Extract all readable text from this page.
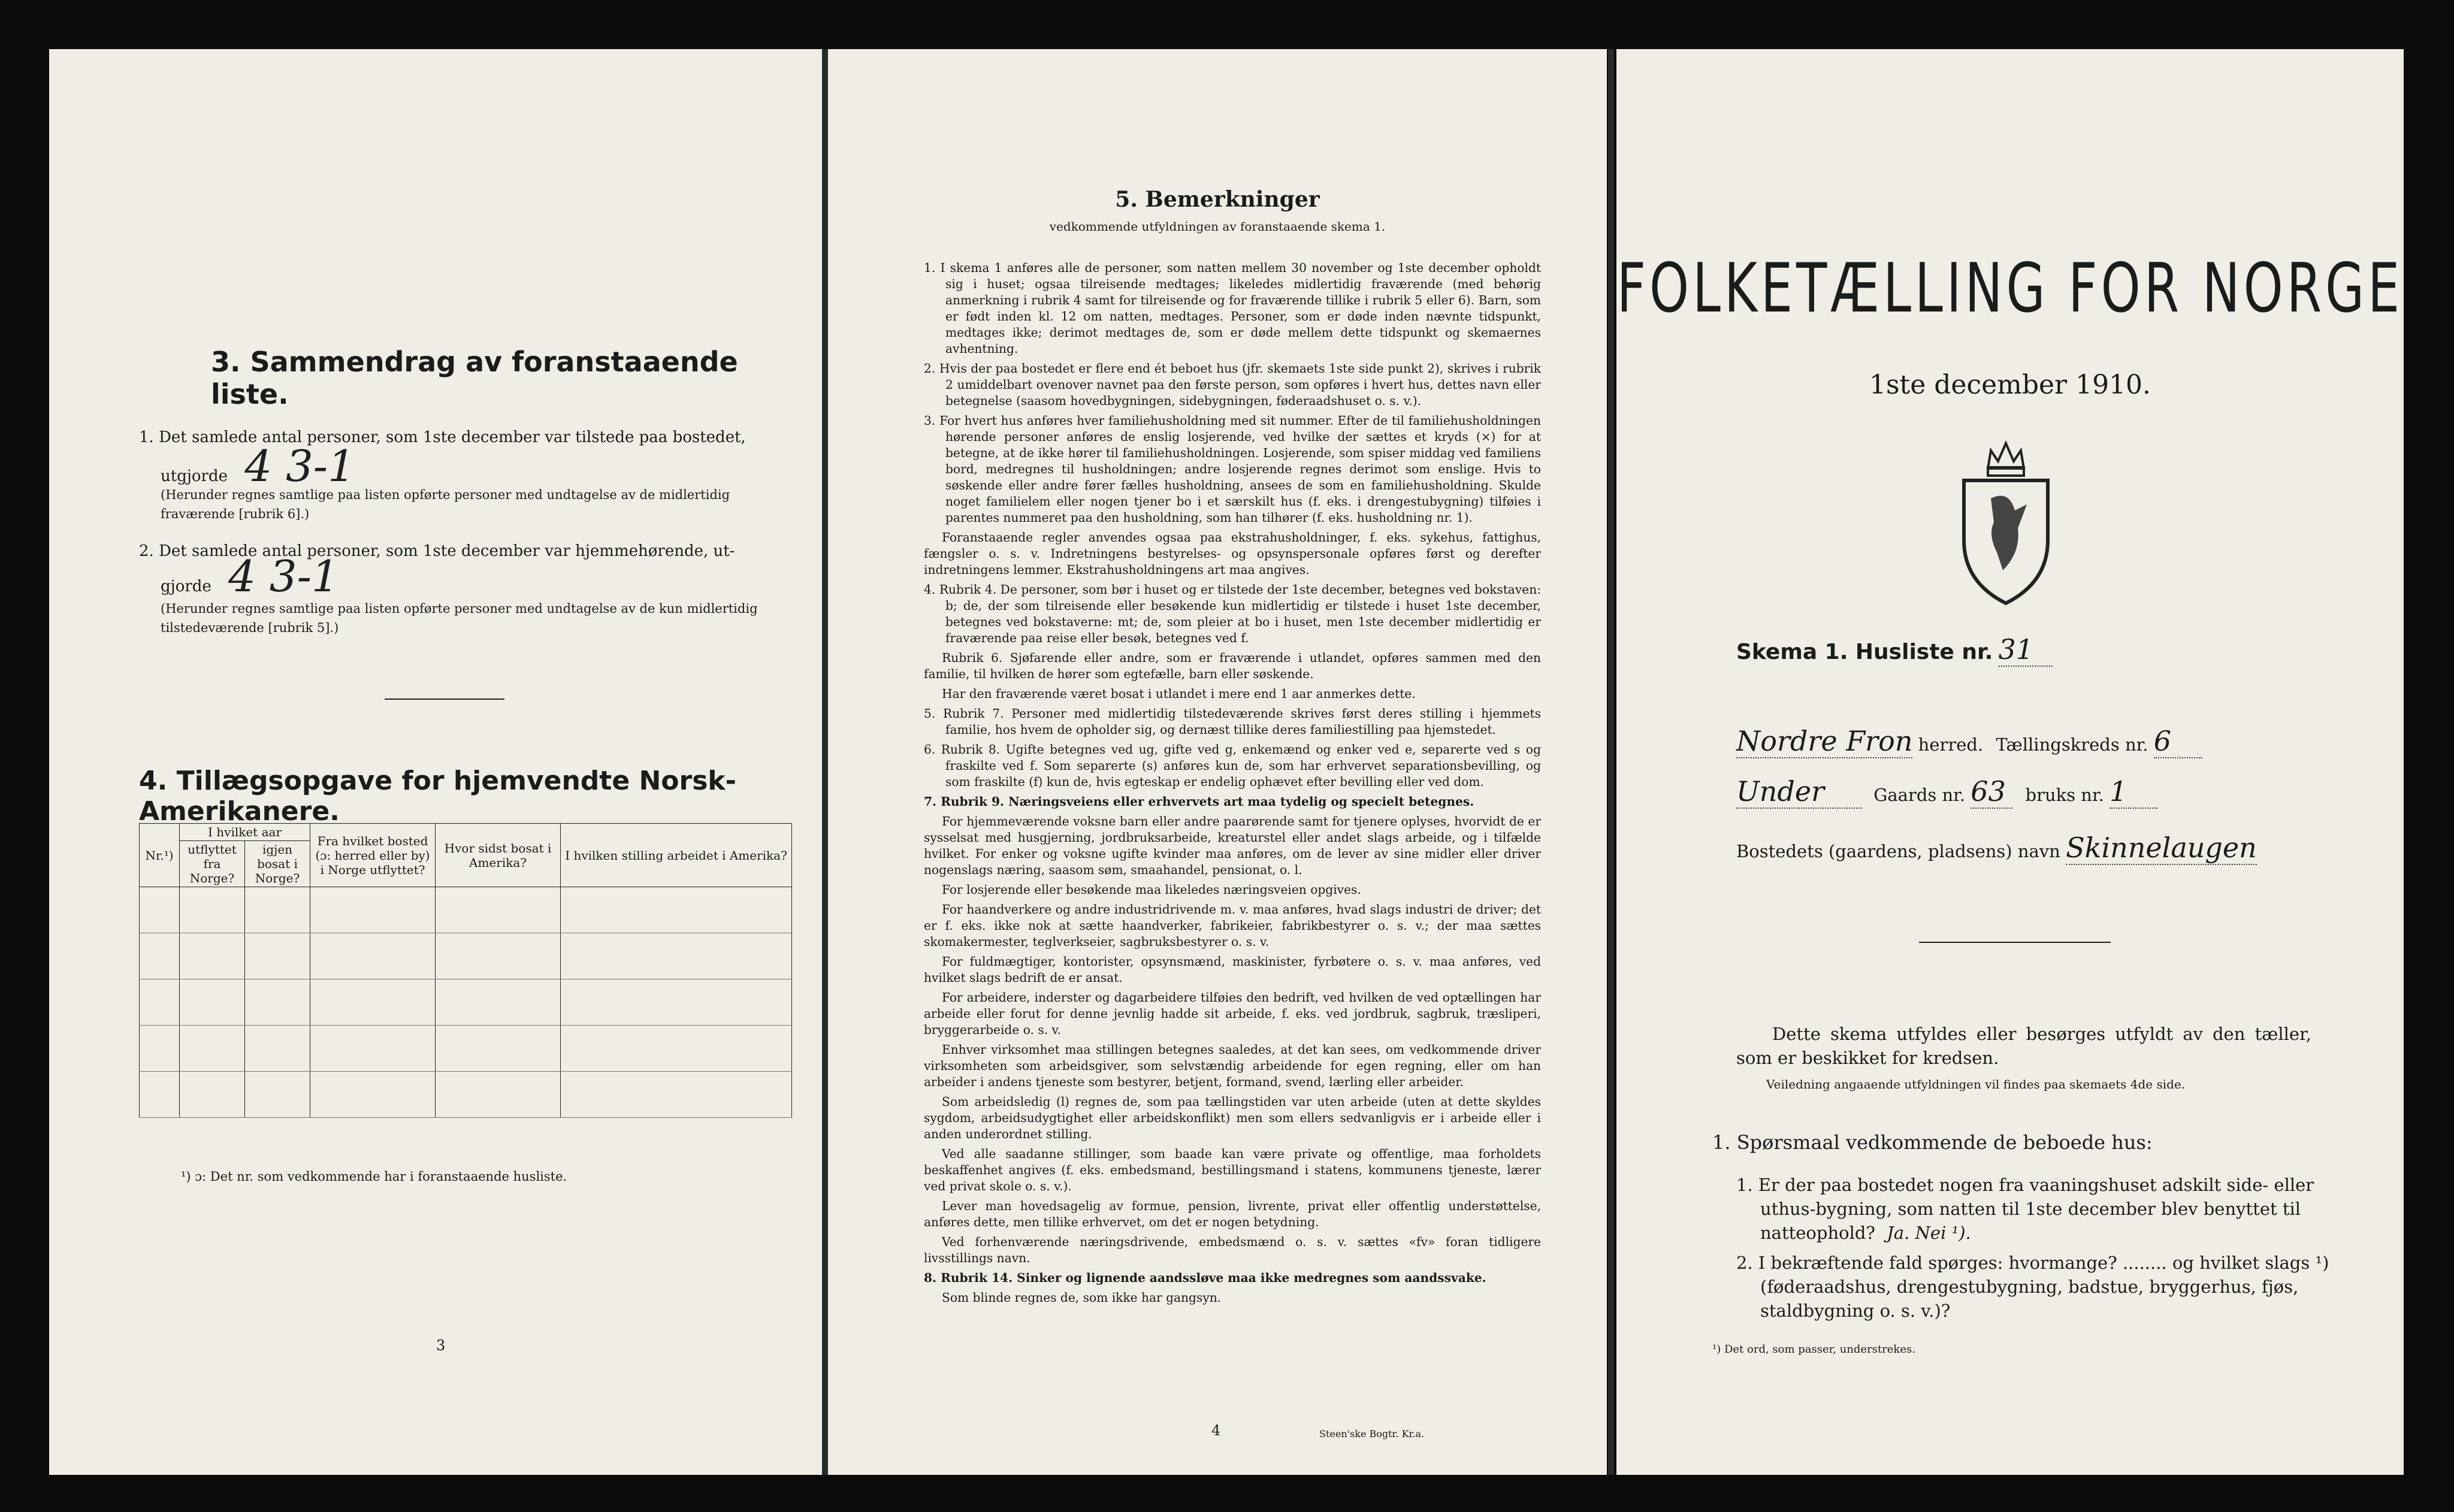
3. Sammendrag av foranstaaende liste.
1. Det samlede antal personer, som 1ste december var tilstede paa bostedet,
utgjorde 4 3-1
(Herunder regnes samtlige paa listen opførte personer med undtagelse av de midlertidig fraværende [rubrik 6].)
2. Det samlede antal personer, som 1ste december var hjemmehørende, ut-
gjorde 4 3-1
(Herunder regnes samtlige paa listen opførte personer med undtagelse av de kun midlertidig tilstedeværende [rubrik 5].)
4. Tillægsopgave for hjemvendte Norsk-Amerikanere.
Nr.¹)	I hvilket aar		Fra hvilket bosted (ɔ: herred eller by) i Norge utflyttet?	Hvor sidst bosat i Amerika?	I hvilken stilling arbeidet i Amerika?
	utflyttet fra Norge?	igjen bosat i Norge?			

¹) ɔ: Det nr. som vedkommende har i foranstaaende husliste.
3
5. Bemerkninger
vedkommende utfyldningen av foranstaaende skema 1.

1. I skema 1 anføres alle de personer, som natten mellem 30 november og 1ste december opholdt sig i huset; ogsaa tilreisende medtages; likeledes midlertidig fraværende (med behørig anmerkning i rubrik 4 samt for tilreisende og for fraværende tillike i rubrik 5 eller 6). Barn, som er født inden kl. 12 om natten, medtages. Personer, som er døde inden nævnte tidspunkt, medtages ikke; derimot medtages de, som er døde mellem dette tidspunkt og skemaernes avhentning.

2. Hvis der paa bostedet er flere end ét beboet hus (jfr. skemaets 1ste side punkt 2), skrives i rubrik 2 umiddelbart ovenover navnet paa den første person, som opføres i hvert hus, dettes navn eller betegnelse (saasom hovedbygningen, sidebygningen, føderaadshuset o. s. v.).

3. For hvert hus anføres hver familiehusholdning med sit nummer. Efter de til familiehusholdningen hørende personer anføres de enslig losjerende, ved hvilke der sættes et kryds (×) for at betegne, at de ikke hører til familiehusholdningen. Losjerende, som spiser middag ved familiens bord, medregnes til husholdningen; andre losjerende regnes derimot som enslige. Hvis to søskende eller andre fører fælles husholdning, ansees de som en familiehusholdning. Skulde noget familielem eller nogen tjener bo i et særskilt hus (f. eks. i drengestubygning) tilføies i parentes nummeret paa den husholdning, som han tilhører (f. eks. husholdning nr. 1).

Foranstaaende regler anvendes ogsaa paa ekstrahusholdninger, f. eks. sykehus, fattighus, fængsler o. s. v. Indretningens bestyrelses- og opsynspersonale opføres først og derefter indretningens lemmer. Ekstrahusholdningens art maa angives.

4. Rubrik 4. De personer, som bør i huset og er tilstede der 1ste december, betegnes ved bokstaven: b; de, der som tilreisende eller besøkende kun midlertidig er tilstede i huset 1ste december, betegnes ved bokstaverne: mt; de, som pleier at bo i huset, men 1ste december midlertidig er fraværende paa reise eller besøk, betegnes ved f.

Rubrik 6. Sjøfarende eller andre, som er fraværende i utlandet, opføres sammen med den familie, til hvilken de hører som egtefælle, barn eller søskende.

Har den fraværende været bosat i utlandet i mere end 1 aar anmerkes dette.

5. Rubrik 7. Personer med midlertidig tilstedeværende skrives først deres stilling i hjemmets familie, hos hvem de opholder sig, og dernæst tillike deres familiestilling paa hjemstedet.

6. Rubrik 8. Ugifte betegnes ved ug, gifte ved g, enkemænd og enker ved e, separerte ved s og fraskilte ved f. Som separerte (s) anføres kun de, som har erhvervet separationsbevilling, og som fraskilte (f) kun de, hvis egteskap er endelig ophævet efter bevilling eller ved dom.

7. Rubrik 9. Næringsveiens eller erhvervets art maa tydelig og specielt betegnes.

For hjemmeværende voksne barn eller andre paarørende samt for tjenere oplyses, hvorvidt de er sysselsat med husgjerning, jordbruksarbeide, kreaturstel eller andet slags arbeide, og i tilfælde hvilket. For enker og voksne ugifte kvinder maa anføres, om de lever av sine midler eller driver nogenslags næring, saasom søm, smaahandel, pensionat, o. l.

For losjerende eller besøkende maa likeledes næringsveien opgives.

For haandverkere og andre industridrivende m. v. maa anføres, hvad slags industri de driver; det er f. eks. ikke nok at sætte haandverker, fabrikeier, fabrikbestyrer o. s. v.; der maa sættes skomakermester, teglverkseier, sagbruksbestyrer o. s. v.

For fuldmægtiger, kontorister, opsynsmænd, maskinister, fyrbøtere o. s. v. maa anføres, ved hvilket slags bedrift de er ansat.

For arbeidere, inderster og dagarbeidere tilføies den bedrift, ved hvilken de ved optællingen har arbeide eller forut for denne jevnlig hadde sit arbeide, f. eks. ved jordbruk, sagbruk, træsliperi, bryggerarbeide o. s. v.

Enhver virksomhet maa stillingen betegnes saaledes, at det kan sees, om vedkommende driver virksomheten som arbeidsgiver, som selvstændig arbeidende for egen regning, eller om han arbeider i andens tjeneste som bestyrer, betjent, formand, svend, lærling eller arbeider.

Som arbeidsledig (l) regnes de, som paa tællingstiden var uten arbeide (uten at dette skyldes sygdom, arbeidsudygtighet eller arbeidskonflikt) men som ellers sedvanligvis er i arbeide eller i anden underordnet stilling.

Ved alle saadanne stillinger, som baade kan være private og offentlige, maa forholdets beskaffenhet angives (f. eks. embedsmand, bestillingsmand i statens, kommunens tjeneste, lærer ved privat skole o. s. v.).

Lever man hovedsagelig av formue, pension, livrente, privat eller offentlig understøttelse, anføres dette, men tillike erhvervet, om det er nogen betydning.

Ved forhenværende næringsdrivende, embedsmænd o. s. v. sættes «fv» foran tidligere livsstillings navn.

8. Rubrik 14. Sinker og lignende aandssløve maa ikke medregnes som aandssvake.

Som blinde regnes de, som ikke har gangsyn.

4	Steen'ske Bogtr. Kr.a.
FOLKETÆLLING FOR NORGE
1ste december 1910.
Skema 1. Husliste nr. 31
Nordre Fron herred. Tællingskreds nr. 6
Under	Gaards nr. 63 bruks nr. 1
Bostedets (gaardens, pladsens) navn Skinnelaugen
Dette skema utfyldes eller besørges utfyldt av den tæller, som er beskikket for kredsen.
Veiledning angaaende utfyldningen vil findes paa skemaets 4de side.
1. Spørsmaal vedkommende de beboede hus:
1. Er der paa bostedet nogen fra vaaningshuset adskilt side- eller uthus-bygning, som natten til 1ste december blev benyttet til natteophold? Ja. Nei ¹).
2. I bekræftende fald spørges: hvormange? ........ og hvilket slags ¹) (føderaadshus, drengestubygning, badstue, bryggerhus, fjøs, staldbygning o. s. v.)?
¹) Det ord, som passer, understrekes.
